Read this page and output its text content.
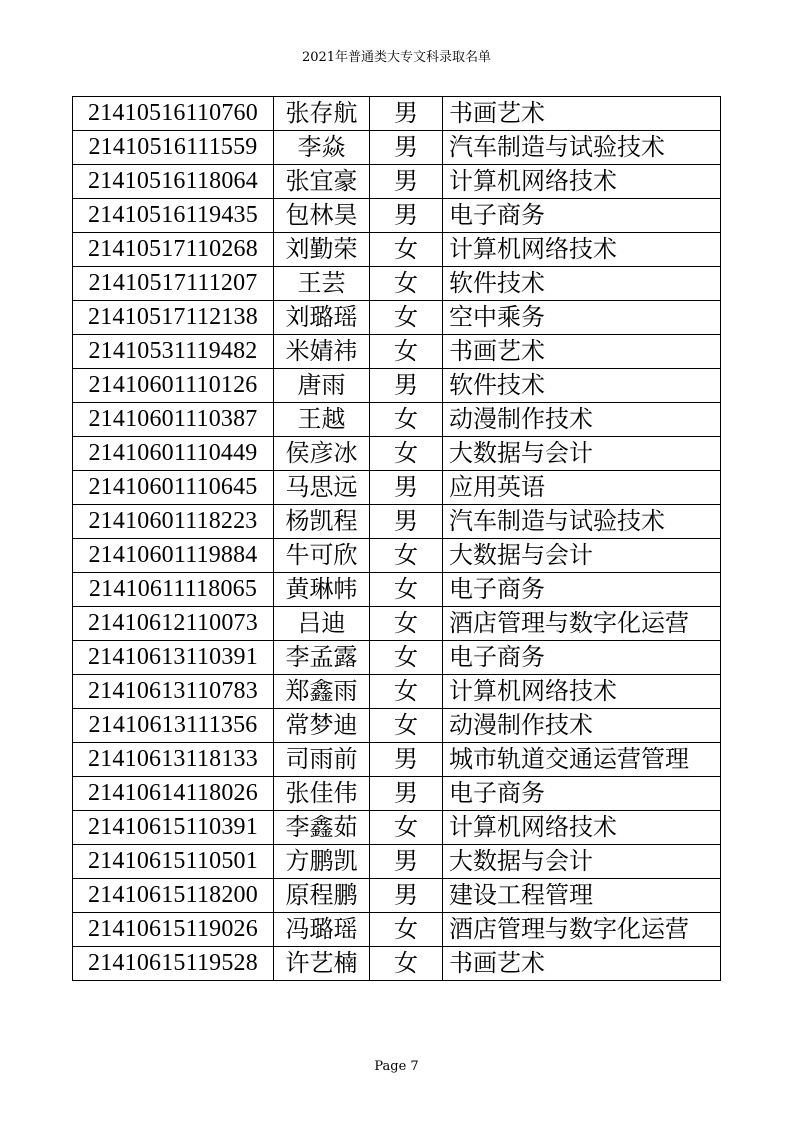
2021年普通类大专文科录取名单
21410516110760	张存航	男	书画艺术
21410516111559	李焱	男	汽车制造与试验技术
21410516118064	张宜豪	男	计算机网络技术
21410516119435	包林昊	男	电子商务
21410517110268	刘勤荣	女	计算机网络技术
21410517111207	王芸	女	软件技术
21410517112138	刘璐瑶	女	空中乘务
21410531119482	米婧祎	女	书画艺术
21410601110126	唐雨	男	软件技术
21410601110387	王越	女	动漫制作技术
21410601110449	侯彦冰	女	大数据与会计
21410601110645	马思远	男	应用英语
21410601118223	杨凯程	男	汽车制造与试验技术
21410601119884	牛可欣	女	大数据与会计
21410611118065	黄琳帏	女	电子商务
21410612110073	吕迪	女	酒店管理与数字化运营
21410613110391	李孟露	女	电子商务
21410613110783	郑鑫雨	女	计算机网络技术
21410613111356	常梦迪	女	动漫制作技术
21410613118133	司雨前	男	城市轨道交通运营管理
21410614118026	张佳伟	男	电子商务
21410615110391	李鑫茹	女	计算机网络技术
21410615110501	方鹏凯	男	大数据与会计
21410615118200	原程鹏	男	建设工程管理
21410615119026	冯璐瑶	女	酒店管理与数字化运营
21410615119528	许艺楠	女	书画艺术
Page 7
